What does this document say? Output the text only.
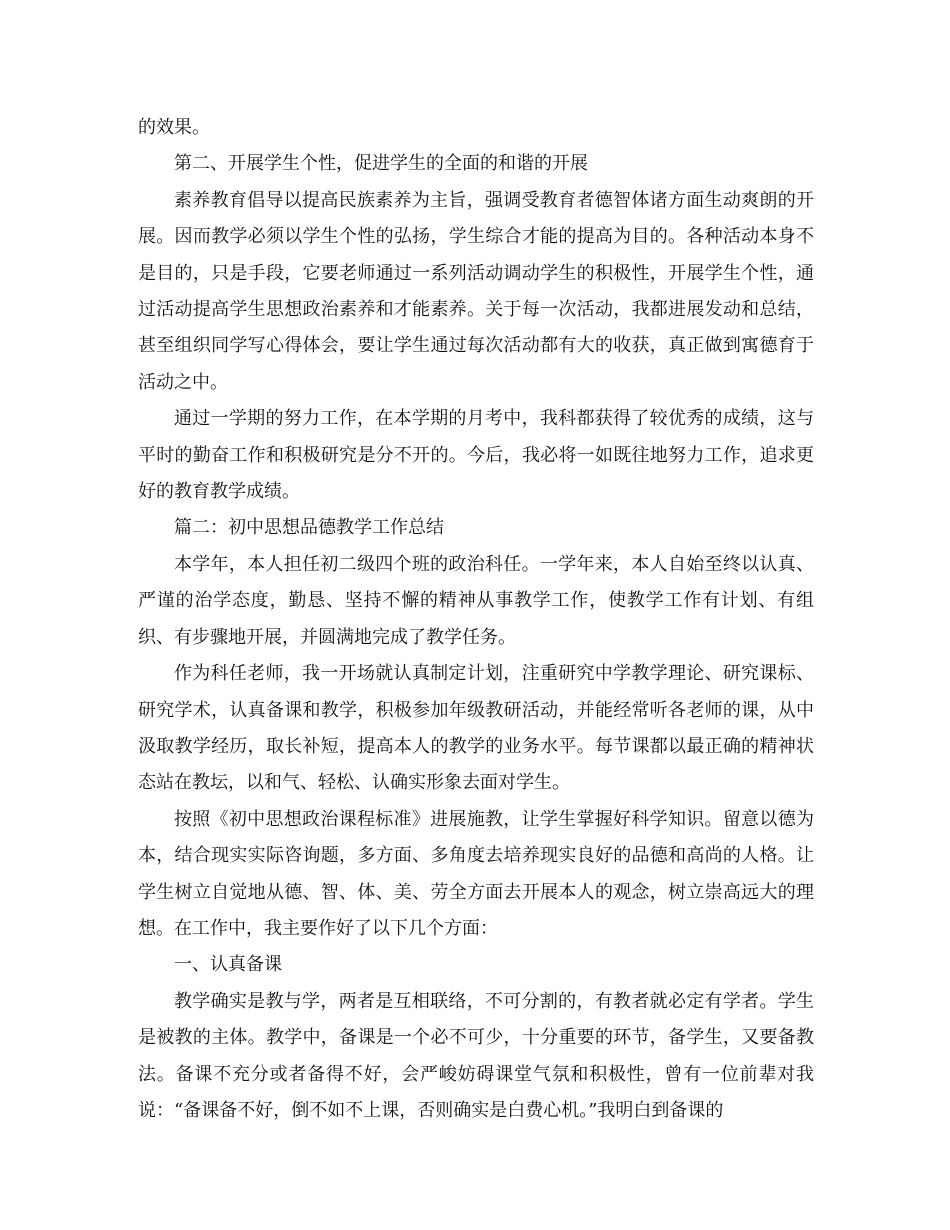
的效果。

第二、开展学生个性，促进学生的全面的和谐的开展

素养教育倡导以提高民族素养为主旨，强调受教育者德智体诸方面生动爽朗的开展。因而教学必须以学生个性的弘扬，学生综合才能的提高为目的。各种活动本身不是目的，只是手段，它要老师通过一系列活动调动学生的积极性，开展学生个性，通过活动提高学生思想政治素养和才能素养。关于每一次活动，我都进展发动和总结，甚至组织同学写心得体会，要让学生通过每次活动都有大的收获，真正做到寓德育于活动之中。

通过一学期的努力工作，在本学期的月考中，我科都获得了较优秀的成绩，这与平时的勤奋工作和积极研究是分不开的。今后，我必将一如既往地努力工作，追求更好的教育教学成绩。

篇二：初中思想品德教学工作总结

本学年，本人担任初二级四个班的政治科任。一学年来，本人自始至终以认真、严谨的治学态度，勤恳、坚持不懈的精神从事教学工作，使教学工作有计划、有组织、有步骤地开展，并圆满地完成了教学任务。

作为科任老师，我一开场就认真制定计划，注重研究中学教学理论、研究课标、研究学术，认真备课和教学，积极参加年级教研活动，并能经常听各老师的课，从中汲取教学经历，取长补短，提高本人的教学的业务水平。每节课都以最正确的精神状态站在教坛，以和气、轻松、认确实形象去面对学生。

按照《初中思想政治课程标准》进展施教，让学生掌握好科学知识。留意以德为本，结合现实实际咨询题，多方面、多角度去培养现实良好的品德和高尚的人格。让学生树立自觉地从德、智、体、美、劳全方面去开展本人的观念，树立崇高远大的理想。在工作中，我主要作好了以下几个方面：

一、认真备课

教学确实是教与学，两者是互相联络，不可分割的，有教者就必定有学者。学生是被教的主体。教学中，备课是一个必不可少，十分重要的环节，备学生，又要备教法。备课不充分或者备得不好，会严峻妨碍课堂气氛和积极性，曾有一位前辈对我说：“备课备不好，倒不如不上课，否则确实是白费心机。”我明白到备课的
